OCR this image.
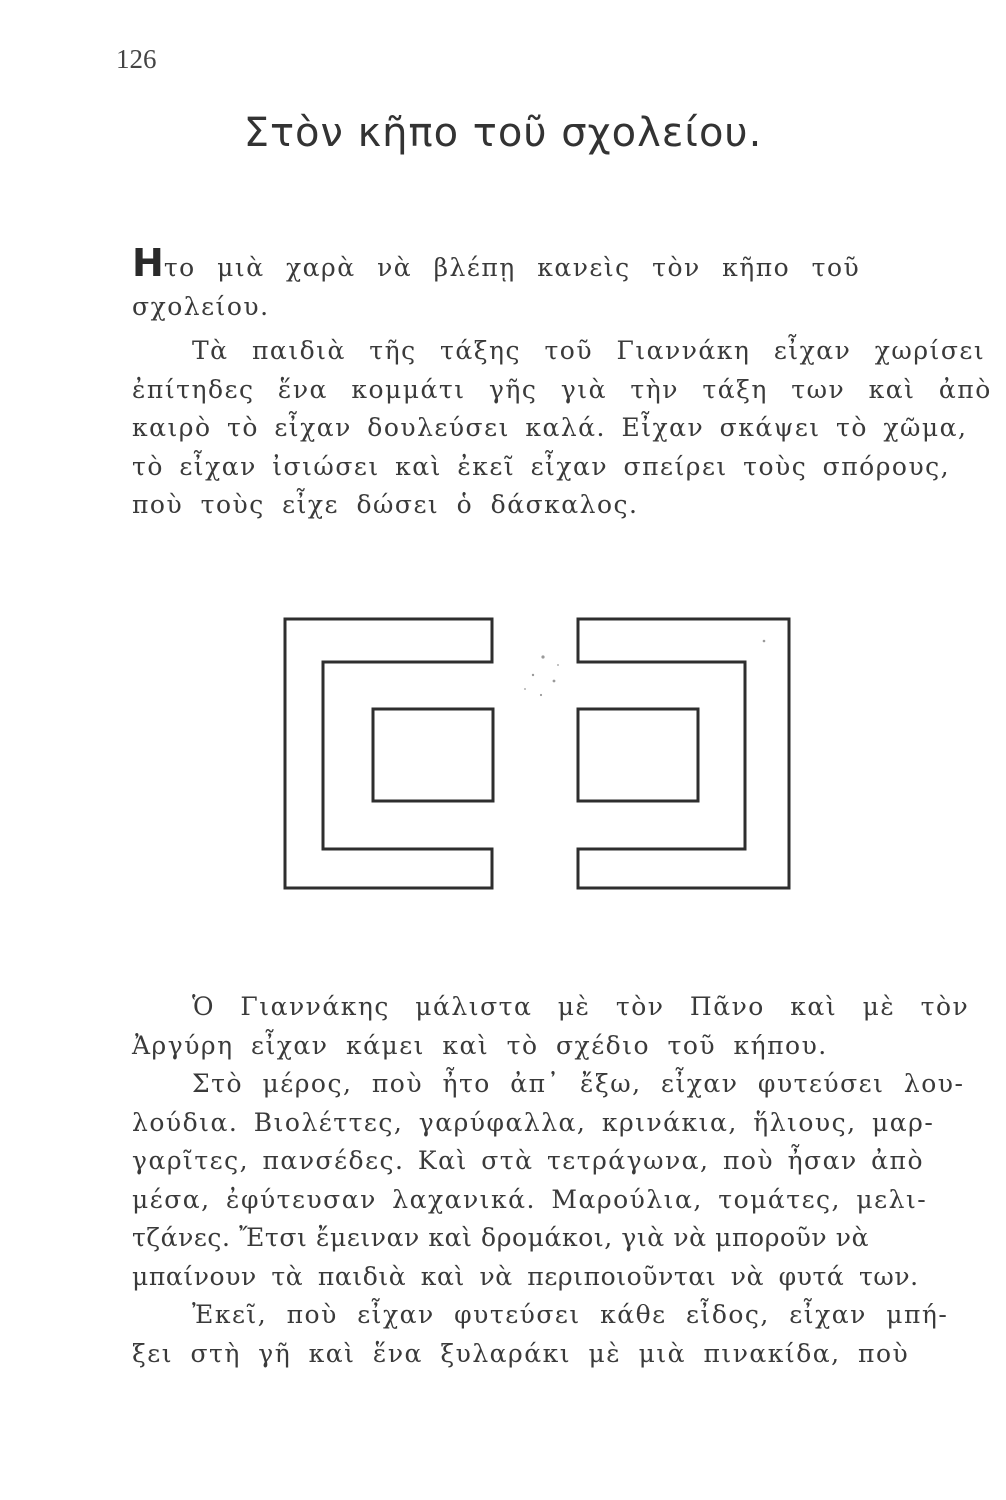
126
Στὸν κῆπο τοῦ σχολείου.
Ητο μιὰ χαρὰ νὰ βλέπῃ κανεὶς τὸν κῆπο τοῦ
σχολείου.
Τὰ παιδιὰ τῆς τάξης τοῦ Γιαννάκη εἶχαν χωρίσει
ἐπίτηδες ἕνα κομμάτι γῆς γιὰ τὴν τάξη των καὶ ἀπὸ
καιρὸ τὸ εἶχαν δουλεύσει καλά. Εἶχαν σκάψει τὸ χῶμα,
τὸ εἶχαν ἰσιώσει καὶ ἐκεῖ εἶχαν σπείρει τοὺς σπόρους,
ποὺ τοὺς εἶχε δώσει ὁ δάσκαλος.
Ὁ Γιαννάκης μάλιστα μὲ τὸν Πᾶνο καὶ μὲ τὸν
Ἀργύρη εἶχαν κάμει καὶ τὸ σχέδιο τοῦ κήπου.
Στὸ μέρος, ποὺ ἦτο ἀπ᾽ ἔξω, εἶχαν φυτεύσει λου-
λούδια. Βιολέττες, γαρύφαλλα, κρινάκια, ἥλιους, μαρ-
γαρῖτες, πανσέδες. Καὶ στὰ τετράγωνα, ποὺ ἦσαν ἀπὸ
μέσα, ἐφύτευσαν λαχανικά. Μαρούλια, τομάτες, μελι-
τζάνες. Ἔτσι ἔμειναν καὶ δρομάκοι, γιὰ νὰ μποροῦν νὰ
μπαίνουν τὰ παιδιὰ καὶ νὰ περιποιοῦνται νὰ φυτά των.
Ἐκεῖ, ποὺ εἶχαν φυτεύσει κάθε εἶδος, εἶχαν μπή-
ξει στὴ γῆ καὶ ἕνα ξυλαράκι μὲ μιὰ πινακίδα, ποὺ
